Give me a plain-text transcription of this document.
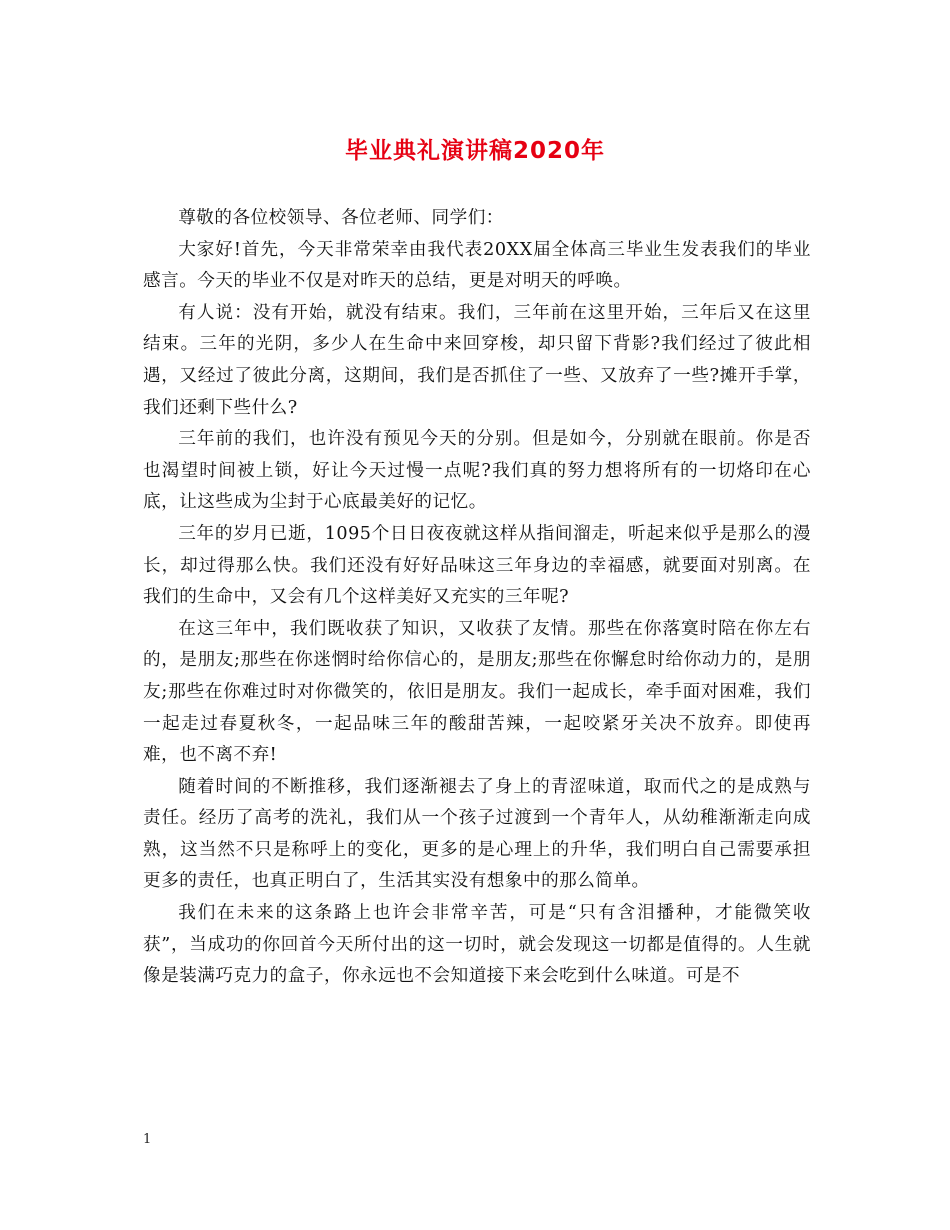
毕业典礼演讲稿2020年

尊敬的各位校领导、各位老师、同学们：

大家好!首先，今天非常荣幸由我代表20XX届全体高三毕业生发表我们的毕业感言。今天的毕业不仅是对昨天的总结，更是对明天的呼唤。

有人说：没有开始，就没有结束。我们，三年前在这里开始，三年后又在这里结束。三年的光阴，多少人在生命中来回穿梭，却只留下背影?我们经过了彼此相遇，又经过了彼此分离，这期间，我们是否抓住了一些、又放弃了一些?摊开手掌，我们还剩下些什么?

三年前的我们，也许没有预见今天的分别。但是如今，分别就在眼前。你是否也渴望时间被上锁，好让今天过慢一点呢?我们真的努力想将所有的一切烙印在心底，让这些成为尘封于心底最美好的记忆。

三年的岁月已逝，1095个日日夜夜就这样从指间溜走，听起来似乎是那么的漫长，却过得那么快。我们还没有好好品味这三年身边的幸福感，就要面对别离。在我们的生命中，又会有几个这样美好又充实的三年呢?

在这三年中，我们既收获了知识，又收获了友情。那些在你落寞时陪在你左右的，是朋友;那些在你迷惘时给你信心的，是朋友;那些在你懈怠时给你动力的，是朋友;那些在你难过时对你微笑的，依旧是朋友。我们一起成长，牵手面对困难，我们一起走过春夏秋冬，一起品味三年的酸甜苦辣，一起咬紧牙关决不放弃。即使再难，也不离不弃!

随着时间的不断推移，我们逐渐褪去了身上的青涩味道，取而代之的是成熟与责任。经历了高考的洗礼，我们从一个孩子过渡到一个青年人，从幼稚渐渐走向成熟，这当然不只是称呼上的变化，更多的是心理上的升华，我们明白自己需要承担更多的责任，也真正明白了，生活其实没有想象中的那么简单。

我们在未来的这条路上也许会非常辛苦，可是“只有含泪播种，才能微笑收获”，当成功的你回首今天所付出的这一切时，就会发现这一切都是值得的。人生就像是装满巧克力的盒子，你永远也不会知道接下来会吃到什么味道。可是不

1
